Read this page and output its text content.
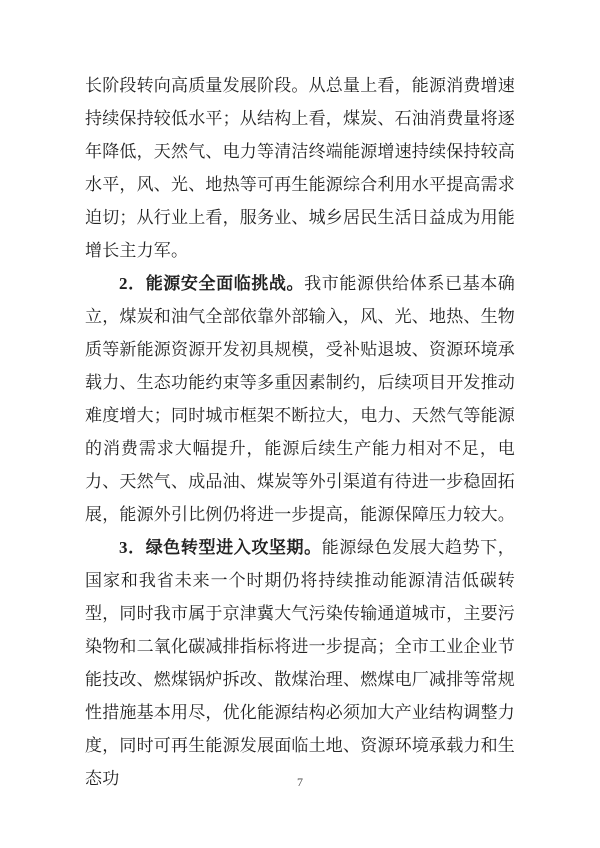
长阶段转向高质量发展阶段。从总量上看，能源消费增速持续保持较低水平；从结构上看，煤炭、石油消费量将逐年降低，天然气、电力等清洁终端能源增速持续保持较高水平，风、光、地热等可再生能源综合利用水平提高需求迫切；从行业上看，服务业、城乡居民生活日益成为用能增长主力军。

2．能源安全面临挑战。我市能源供给体系已基本确立，煤炭和油气全部依靠外部输入，风、光、地热、生物质等新能源资源开发初具规模，受补贴退坡、资源环境承载力、生态功能约束等多重因素制约，后续项目开发推动难度增大；同时城市框架不断拉大，电力、天然气等能源的消费需求大幅提升，能源后续生产能力相对不足，电力、天然气、成品油、煤炭等外引渠道有待进一步稳固拓展，能源外引比例仍将进一步提高，能源保障压力较大。

3．绿色转型进入攻坚期。能源绿色发展大趋势下，国家和我省未来一个时期仍将持续推动能源清洁低碳转型，同时我市属于京津冀大气污染传输通道城市，主要污染物和二氧化碳减排指标将进一步提高；全市工业企业节能技改、燃煤锅炉拆改、散煤治理、燃煤电厂减排等常规性措施基本用尽，优化能源结构必须加大产业结构调整力度，同时可再生能源发展面临土地、资源环境承载力和生态功	7
